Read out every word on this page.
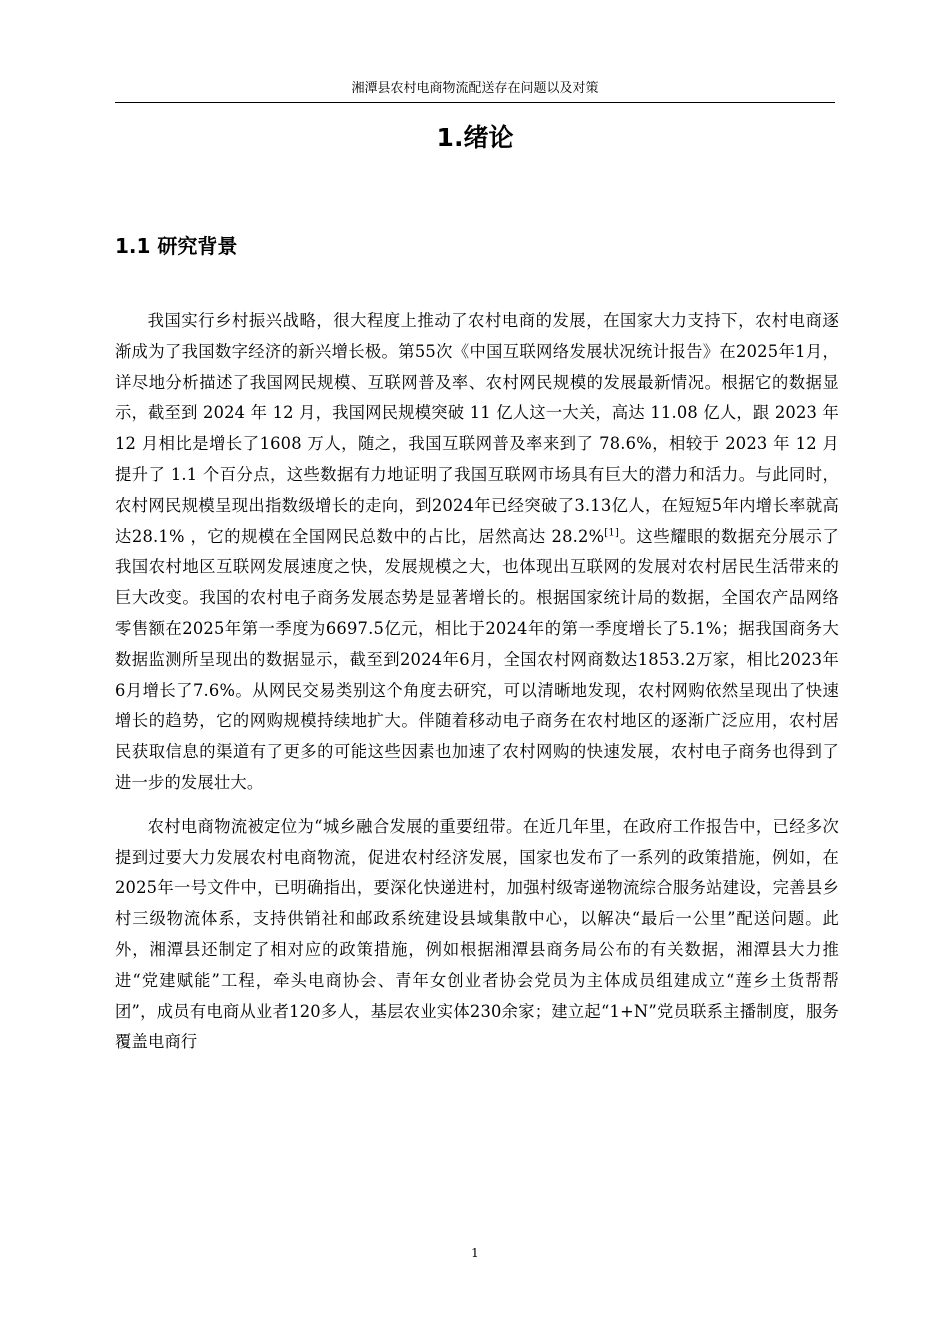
湘潭县农村电商物流配送存在问题以及对策
1.绪论
1.1 研究背景

我国实行乡村振兴战略，很大程度上推动了农村电商的发展，在国家大力支持下，农村电商逐渐成为了我国数字经济的新兴增长极。第55次《中国互联网络发展状况统计报告》在2025年1月，详尽地分析描述了我国网民规模、互联网普及率、农村网民规模的发展最新情况。根据它的数据显示，截至到 2024 年 12 月，我国网民规模突破 11 亿人这一大关，高达 11.08 亿人，跟 2023 年12 月相比是增长了1608 万人，随之，我国互联网普及率来到了 78.6%，相较于 2023 年 12 月提升了 1.1 个百分点，这些数据有力地证明了我国互联网市场具有巨大的潜力和活力。与此同时，农村网民规模呈现出指数级增长的走向，到2024年已经突破了3.13亿人，在短短5年内增长率就高达28.1% ，它的规模在全国网民总数中的占比，居然高达 28.2%[1]。这些耀眼的数据充分展示了我国农村地区互联网发展速度之快，发展规模之大，也体现出互联网的发展对农村居民生活带来的巨大改变。我国的农村电子商务发展态势是显著增长的。根据国家统计局的数据，全国农产品网络零售额在2025年第一季度为6697.5亿元，相比于2024年的第一季度增长了5.1%；据我国商务大数据监测所呈现出的数据显示，截至到2024年6月，全国农村网商数达1853.2万家，相比2023年6月增长了7.6%。从网民交易类别这个角度去研究，可以清晰地发现，农村网购依然呈现出了快速增长的趋势，它的网购规模持续地扩大。伴随着移动电子商务在农村地区的逐渐广泛应用，农村居民获取信息的渠道有了更多的可能这些因素也加速了农村网购的快速发展，农村电子商务也得到了进一步的发展壮大。

农村电商物流被定位为“城乡融合发展的重要纽带。在近几年里，在政府工作报告中，已经多次提到过要大力发展农村电商物流，促进农村经济发展，国家也发布了一系列的政策措施，例如，在2025年一号文件中，已明确指出，要深化快递进村，加强村级寄递物流综合服务站建设，完善县乡村三级物流体系，支持供销社和邮政系统建设县域集散中心，以解决“最后一公里”配送问题。此外，湘潭县还制定了相对应的政策措施，例如根据湘潭县商务局公布的有关数据，湘潭县大力推进“党建赋能”工程，牵头电商协会、青年女创业者协会党员为主体成员组建成立“莲乡土货帮帮团”，成员有电商从业者120多人，基层农业实体230余家；建立起“1+N”党员联系主播制度，服务覆盖电商行

1
